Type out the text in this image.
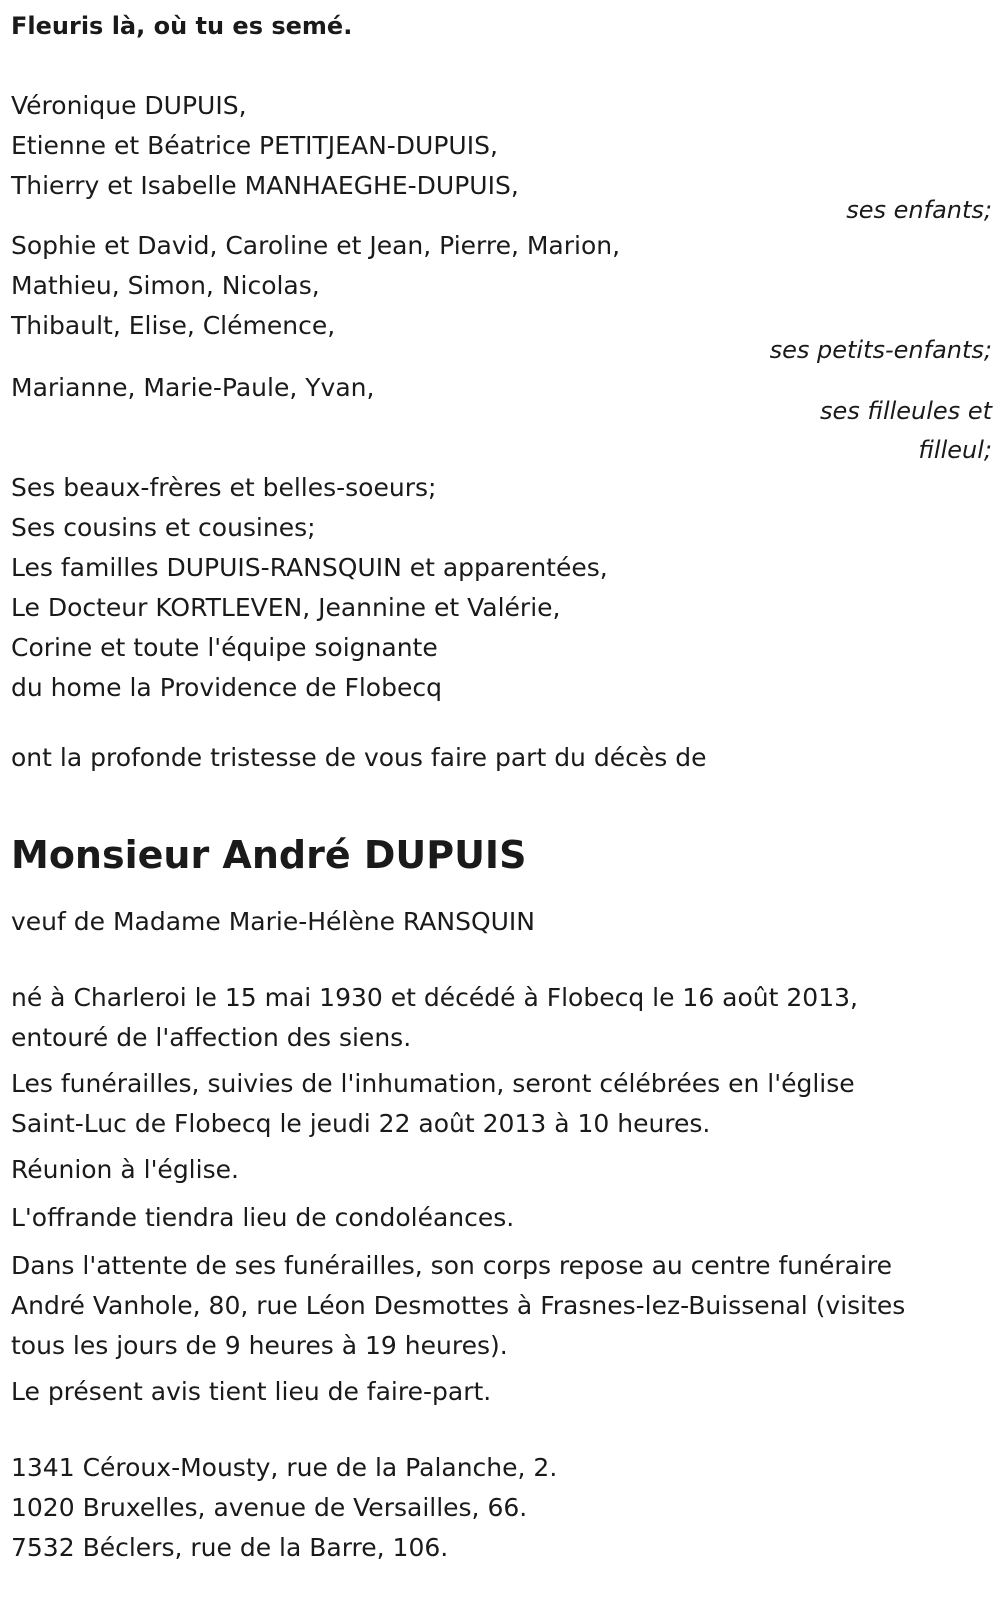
Fleuris là, où tu es semé.
Véronique DUPUIS,
Etienne et Béatrice PETITJEAN-DUPUIS,
Thierry et Isabelle MANHAEGHE-DUPUIS,
ses enfants;
Sophie et David, Caroline et Jean, Pierre, Marion,
Mathieu, Simon, Nicolas,
Thibault, Elise, Clémence,
ses petits-enfants;
Marianne, Marie-Paule, Yvan,
ses filleules et
filleul;
Ses beaux-frères et belles-soeurs;
Ses cousins et cousines;
Les familles DUPUIS-RANSQUIN et apparentées,
Le Docteur KORTLEVEN, Jeannine et Valérie,
Corine et toute l'équipe soignante
du home la Providence de Flobecq
ont la profonde tristesse de vous faire part du décès de
Monsieur André DUPUIS
veuf de Madame Marie-Hélène RANSQUIN
né à Charleroi le 15 mai 1930 et décédé à Flobecq le 16 août 2013,
entouré de l'affection des siens.
Les funérailles, suivies de l'inhumation, seront célébrées en l'église
Saint-Luc de Flobecq le jeudi 22 août 2013 à 10 heures.
Réunion à l'église.
L'offrande tiendra lieu de condoléances.
Dans l'attente de ses funérailles, son corps repose au centre funéraire
André Vanhole, 80, rue Léon Desmottes à Frasnes-lez-Buissenal (visites
tous les jours de 9 heures à 19 heures).
Le présent avis tient lieu de faire-part.
1341 Céroux-Mousty, rue de la Palanche, 2.
1020 Bruxelles, avenue de Versailles, 66.
7532 Béclers, rue de la Barre, 106.
